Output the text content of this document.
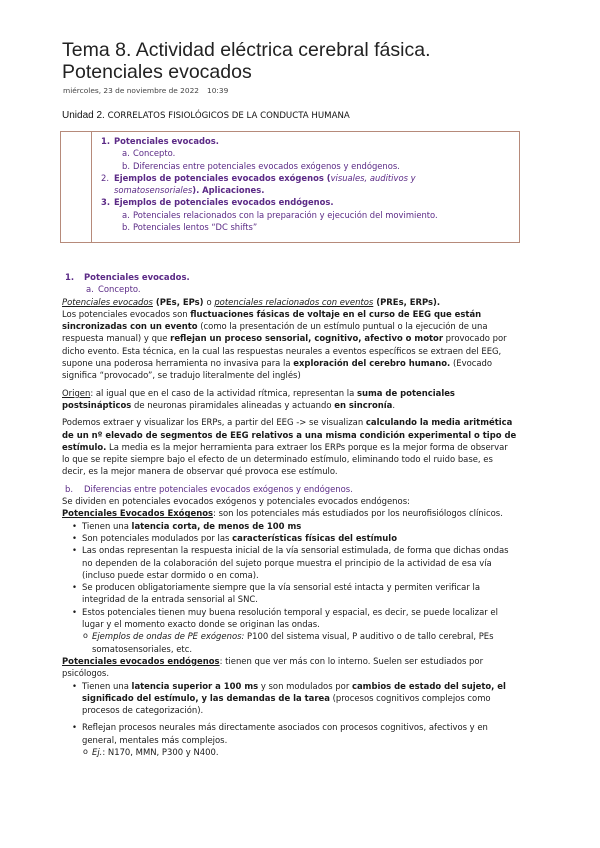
Tema 8. Actividad eléctrica cerebral fásica.
Potenciales evocados
miércoles, 23 de noviembre de 2022 10:39
Unidad 2. CORRELATOS FISIOLÓGICOS DE LA CONDUCTA HUMANA
1. Potenciales evocados.
a. Concepto.
b. Diferencias entre potenciales evocados exógenos y endógenos.
2. Ejemplos de potenciales evocados exógenos (visuales, auditivos y
somatosensoriales). Aplicaciones.
3. Ejemplos de potenciales evocados endógenos.
a. Potenciales relacionados con la preparación y ejecución del movimiento.
b. Potenciales lentos “DC shifts”

1. Potenciales evocados.

a. Concepto.

Potenciales evocados (PEs, EPs) o potenciales relacionados con eventos (PREs, ERPs).

Los potenciales evocados son fluctuaciones fásicas de voltaje en el curso de EEG que están

sincronizadas con un evento (como la presentación de un estímulo puntual o la ejecución de una

respuesta manual) y que reflejan un proceso sensorial, cognitivo, afectivo o motor provocado por

dicho evento. Esta técnica, en la cual las respuestas neurales a eventos específicos se extraen del EEG,

supone una poderosa herramienta no invasiva para la exploración del cerebro humano. (Evocado

significa “provocado”, se tradujo literalmente del inglés)

Origen: al igual que en el caso de la actividad rítmica, representan la suma de potenciales

postsinápticos de neuronas piramidales alineadas y actuando en sincronía.

Podemos extraer y visualizar los ERPs, a partir del EEG -> se visualizan calculando la media aritmética

de un nº elevado de segmentos de EEG relativos a una misma condición experimental o tipo de

estímulo. La media es la mejor herramienta para extraer los ERPs porque es la mejor forma de observar

lo que se repite siempre bajo el efecto de un determinado estímulo, eliminando todo el ruido base, es

decir, es la mejor manera de observar qué provoca ese estímulo.

b. Diferencias entre potenciales evocados exógenos y endógenos.

Se dividen en potenciales evocados exógenos y potenciales evocados endógenos:

Potenciales Evocados Exógenos: son los potenciales más estudiados por los neurofisiólogos clínicos.

• Tienen una latencia corta, de menos de 100 ms
• Son potenciales modulados por las características físicas del estímulo

• Las ondas representan la respuesta inicial de la vía sensorial estimulada, de forma que dichas ondas

no dependen de la colaboración del sujeto porque muestra el principio de la actividad de esa vía

(incluso puede estar dormido o en coma).

• Se producen obligatoriamente siempre que la vía sensorial esté intacta y permiten verificar la

integridad de la entrada sensorial al SNC.

• Estos potenciales tienen muy buena resolución temporal y espacial, es decir, se puede localizar el

lugar y el momento exacto donde se originan las ondas.

o Ejemplos de ondas de PE exógenos: P100 del sistema visual, P auditivo o de tallo cerebral, PEs

somatosensoriales, etc.

Potenciales evocados endógenos: tienen que ver más con lo interno. Suelen ser estudiados por

psicólogos.

• Tienen una latencia superior a 100 ms y son modulados por cambios de estado del sujeto, el

significado del estímulo, y las demandas de la tarea (procesos cognitivos complejos como

procesos de categorización).

• Reflejan procesos neurales más directamente asociados con procesos cognitivos, afectivos y en

general, mentales más complejos.

o Ej.: N170, MMN, P300 y N400.
